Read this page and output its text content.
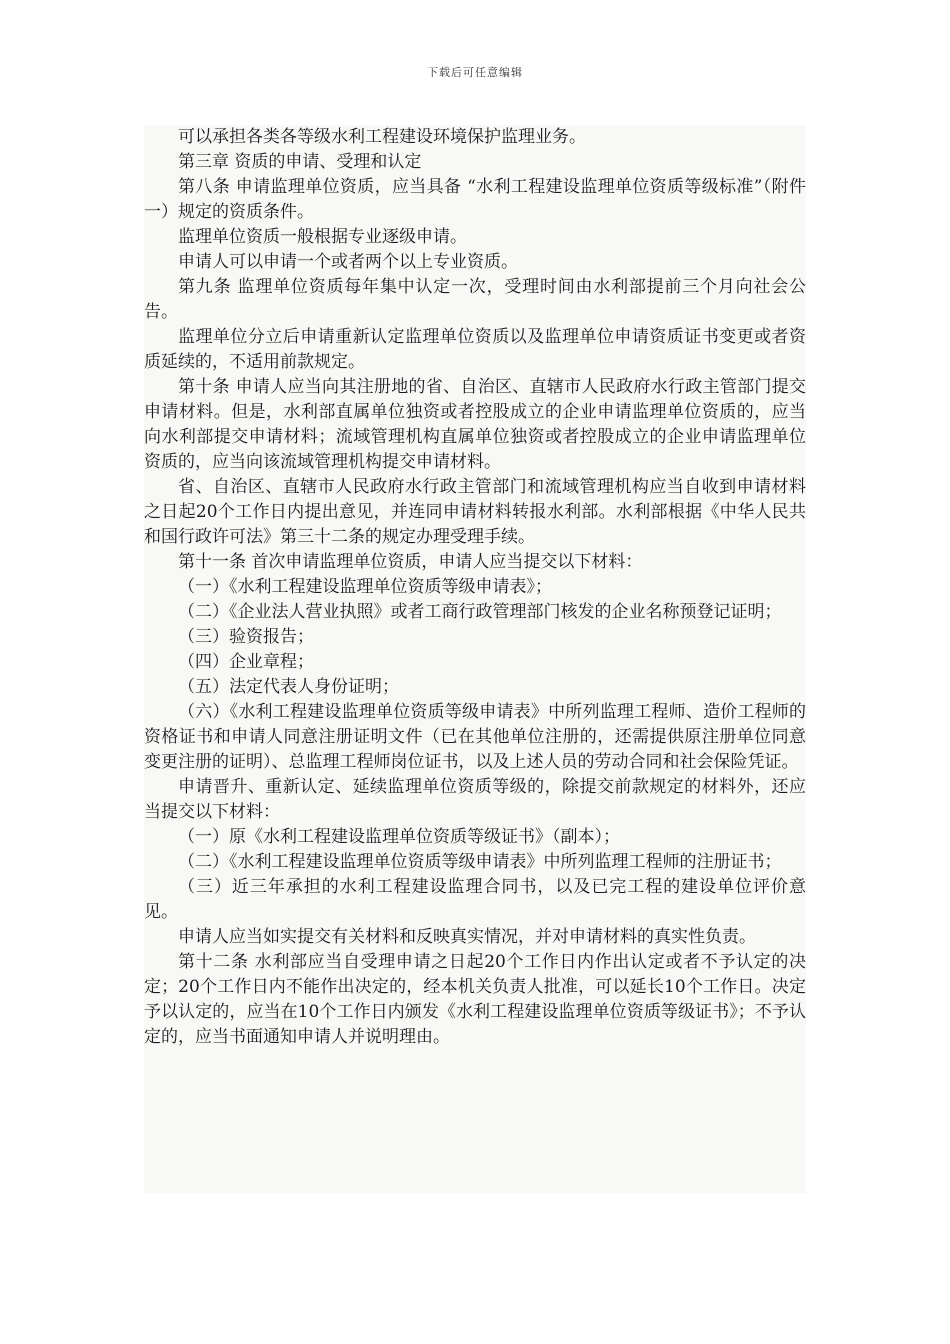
下载后可任意编辑

可以承担各类各等级水利工程建设环境保护监理业务。

第三章 资质的申请、受理和认定

第八条 申请监理单位资质，应当具备 “水利工程建设监理单位资质等级标准”（附件一）规定的资质条件。

监理单位资质一般根据专业逐级申请。

申请人可以申请一个或者两个以上专业资质。

第九条 监理单位资质每年集中认定一次，受理时间由水利部提前三个月向社会公告。

监理单位分立后申请重新认定监理单位资质以及监理单位申请资质证书变更或者资质延续的，不适用前款规定。

第十条 申请人应当向其注册地的省、自治区、直辖市人民政府水行政主管部门提交申请材料。但是，水利部直属单位独资或者控股成立的企业申请监理单位资质的，应当向水利部提交申请材料；流域管理机构直属单位独资或者控股成立的企业申请监理单位资质的，应当向该流域管理机构提交申请材料。

省、自治区、直辖市人民政府水行政主管部门和流域管理机构应当自收到申请材料之日起20个工作日内提出意见，并连同申请材料转报水利部。水利部根据《中华人民共和国行政许可法》第三十二条的规定办理受理手续。

第十一条 首次申请监理单位资质，申请人应当提交以下材料：

（一）《水利工程建设监理单位资质等级申请表》；

（二）《企业法人营业执照》或者工商行政管理部门核发的企业名称预登记证明；

（三）验资报告；

（四）企业章程；

（五）法定代表人身份证明；

（六）《水利工程建设监理单位资质等级申请表》中所列监理工程师、造价工程师的资格证书和申请人同意注册证明文件（已在其他单位注册的，还需提供原注册单位同意变更注册的证明）、总监理工程师岗位证书，以及上述人员的劳动合同和社会保险凭证。

申请晋升、重新认定、延续监理单位资质等级的，除提交前款规定的材料外，还应当提交以下材料：

（一）原《水利工程建设监理单位资质等级证书》（副本）；

（二）《水利工程建设监理单位资质等级申请表》中所列监理工程师的注册证书；

（三）近三年承担的水利工程建设监理合同书，以及已完工程的建设单位评价意见。

申请人应当如实提交有关材料和反映真实情况，并对申请材料的真实性负责。

第十二条 水利部应当自受理申请之日起20个工作日内作出认定或者不予认定的决定；20个工作日内不能作出决定的，经本机关负责人批准，可以延长10个工作日。决定予以认定的，应当在10个工作日内颁发《水利工程建设监理单位资质等级证书》；不予认定的，应当书面通知申请人并说明理由。
